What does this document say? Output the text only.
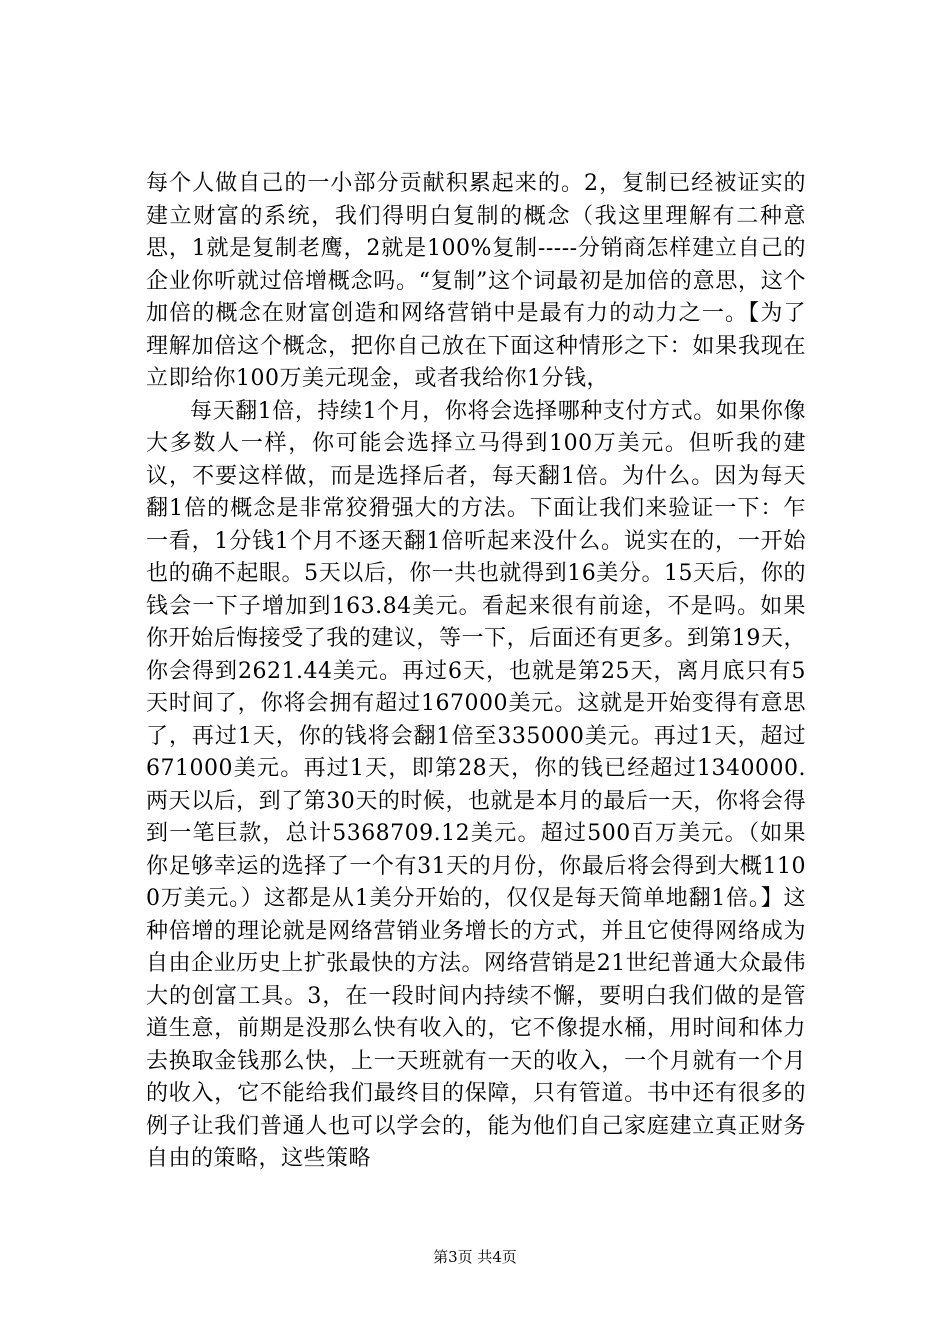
每个人做自己的一小部分贡献积累起来的。2，复制已经被证实的建立财富的系统，我们得明白复制的概念（我这里理解有二种意思，1就是复制老鹰，2就是100%复制-----分销商怎样建立自己的企业你听就过倍增概念吗。“复制”这个词最初是加倍的意思，这个加倍的概念在财富创造和网络营销中是最有力的动力之一。【为了理解加倍这个概念，把你自己放在下面这种情形之下：如果我现在立即给你100万美元现金，或者我给你1分钱，

每天翻1倍，持续1个月，你将会选择哪种支付方式。如果你像大多数人一样，你可能会选择立马得到100万美元。但听我的建议，不要这样做，而是选择后者，每天翻1倍。为什么。因为每天翻1倍的概念是非常狡猾强大的方法。下面让我们来验证一下：乍一看，1分钱1个月不逐天翻1倍听起来没什么。说实在的，一开始也的确不起眼。5天以后，你一共也就得到16美分。15天后，你的钱会一下子增加到163.84美元。看起来很有前途，不是吗。如果你开始后悔接受了我的建议，等一下，后面还有更多。到第19天，你会得到2621.44美元。再过6天，也就是第25天，离月底只有5天时间了，你将会拥有超过167000美元。这就是开始变得有意思了，再过1天，你的钱将会翻1倍至335000美元。再过1天，超过671000美元。再过1天，即第28天，你的钱已经超过1340000.两天以后，到了第30天的时候，也就是本月的最后一天，你将会得到一笔巨款，总计5368709.12美元。超过500百万美元。（如果你足够幸运的选择了一个有31天的月份，你最后将会得到大概1100万美元。）这都是从1美分开始的，仅仅是每天简单地翻1倍。】这种倍增的理论就是网络营销业务增长的方式，并且它使得网络成为自由企业历史上扩张最快的方法。网络营销是21世纪普通大众最伟大的创富工具。3，在一段时间内持续不懈，要明白我们做的是管道生意，前期是没那么快有收入的，它不像提水桶，用时间和体力去换取金钱那么快，上一天班就有一天的收入，一个月就有一个月的收入，它不能给我们最终目的保障，只有管道。书中还有很多的例子让我们普通人也可以学会的，能为他们自己家庭建立真正财务自由的策略，这些策略

第3页 共4页
